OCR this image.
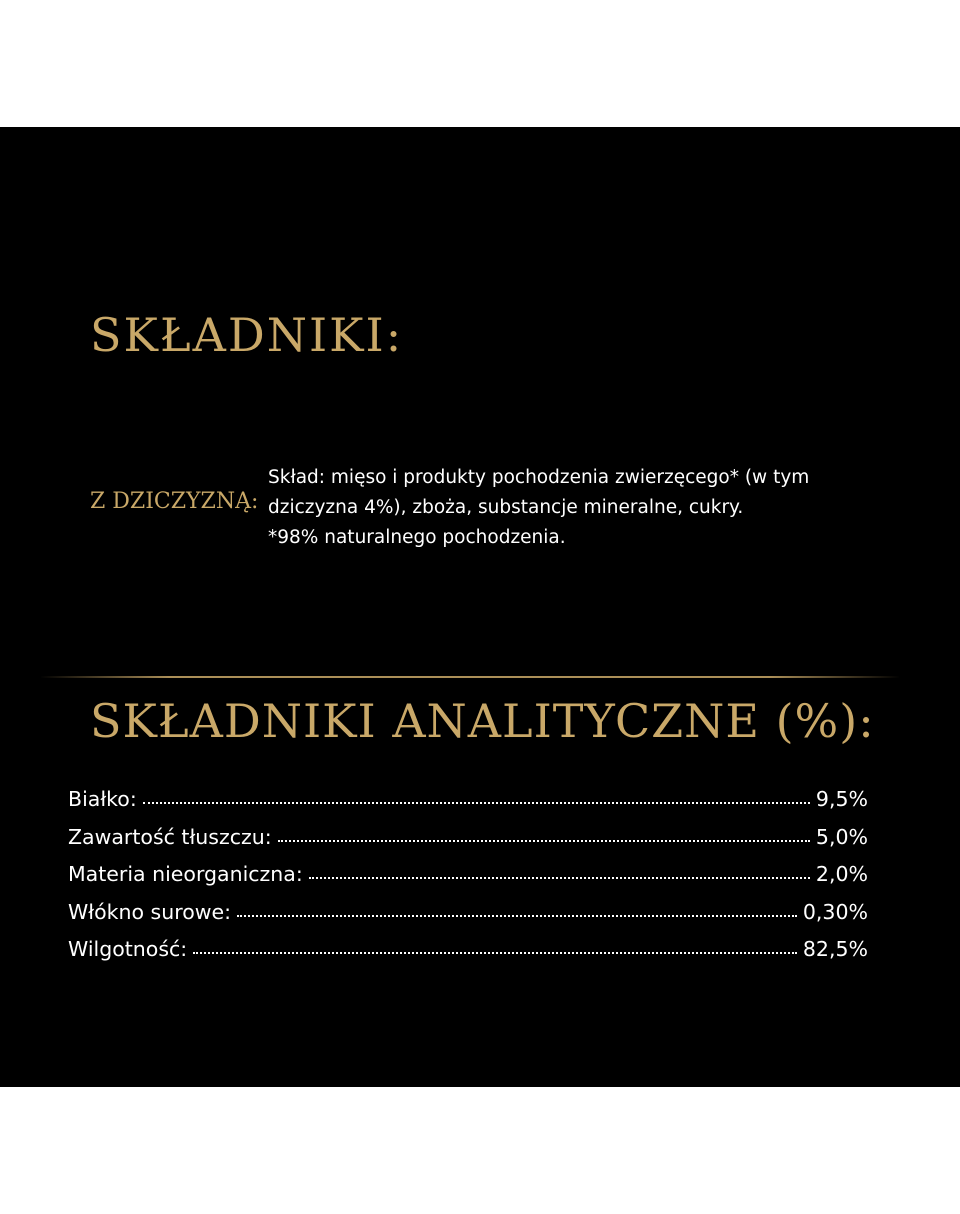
SKŁADNIKI:
Z DZICZYZNĄ:
Skład: mięso i produkty pochodzenia zwierzęcego* (w tym
dziczyzna 4%), zboża, substancje mineralne, cukry.
*98% naturalnego pochodzenia.
SKŁADNIKI ANALITYCZNE (%):
Białko:	9,5%
Zawartość tłuszczu:	5,0%
Materia nieorganiczna:	2,0%
Włókno surowe:	0,30%
Wilgotność:	82,5%
